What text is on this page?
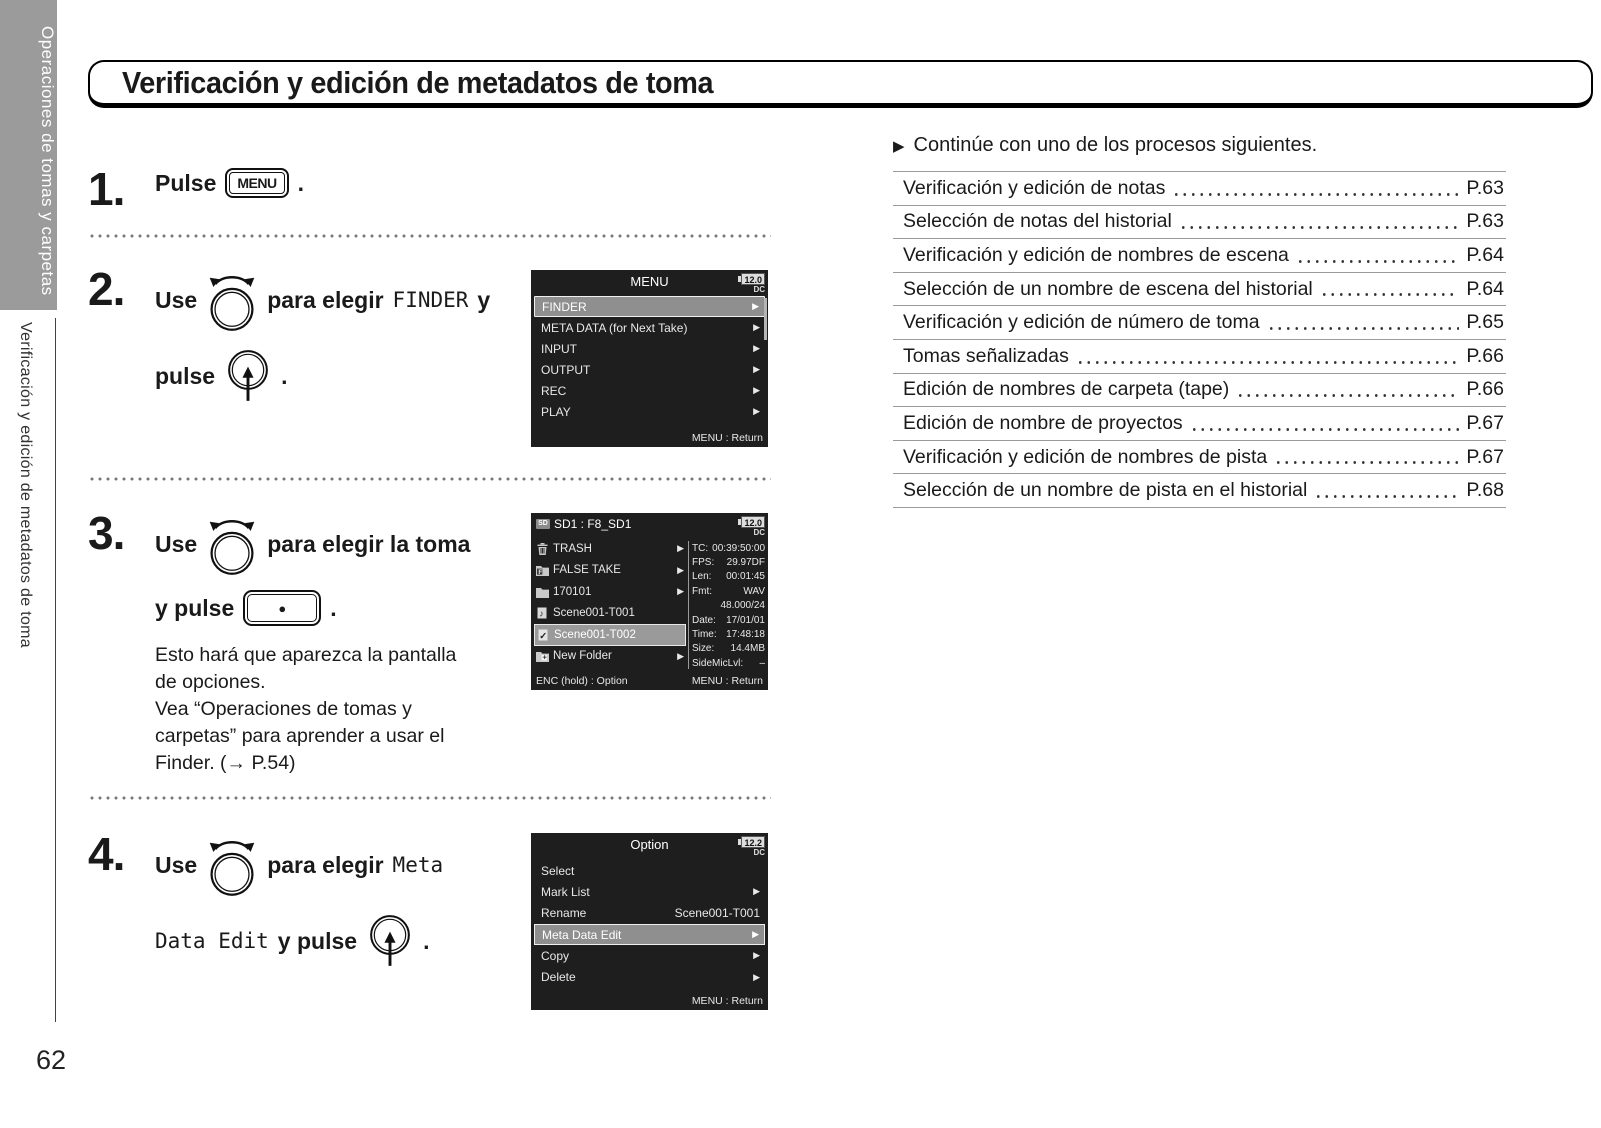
Operaciones de tomas y carpetas
Verificación y edición de metadatos de toma
62
Verificación y edición de metadatos de toma
1. Pulse	MENU .
2. Use	para elegir FINDER y
pulse	.
MENU	12.0
DC
FINDER	▶
META DATA (for Next Take)	▶
INPUT	▶
OUTPUT	▶
REC	▶
PLAY	▶
MENU : Return
3. Use	para elegir la toma
y pulse	● .

Esto hará que aparezca la pantalla de opciones.

Vea “Operaciones de tomas y carpetas” para aprender a usar el Finder. (→ P.54)

SD SD1 : F8_SD1	12.0
DC
TRASH	▶
F FALSE TAKE	▶
170101	▶
♪ Scene001-T001
✓ Scene001-T002
+ New Folder	▶
TC: 00:39:50:00
FPS: 29.97DF
Len: 00:01:45
Fmt:	WAV
48.000/24
Date: 17/01/01
Time: 17:48:18
Size: 14.4MB
SideMicLvl: –
ENC (hold) : Option	MENU : Return
4. Use	para elegir Meta
Data Edit y pulse	.
Option	12.2
DC
Select
Mark List	▶
Rename	Scene001-T001
Meta Data Edit	▶
Copy	▶
Delete	▶
MENU : Return
▶ Continúe con uno de los procesos siguientes.
Verificación y edición de notas	P.63
Selección de notas del historial	P.63
Verificación y edición de nombres de escena	P.64
Selección de un nombre de escena del historial	P.64
Verificación y edición de número de toma	P.65
Tomas señalizadas	P.66
Edición de nombres de carpeta (tape)	P.66
Edición de nombre de proyectos	P.67
Verificación y edición de nombres de pista	P.67
Selección de un nombre de pista en el historial	P.68
